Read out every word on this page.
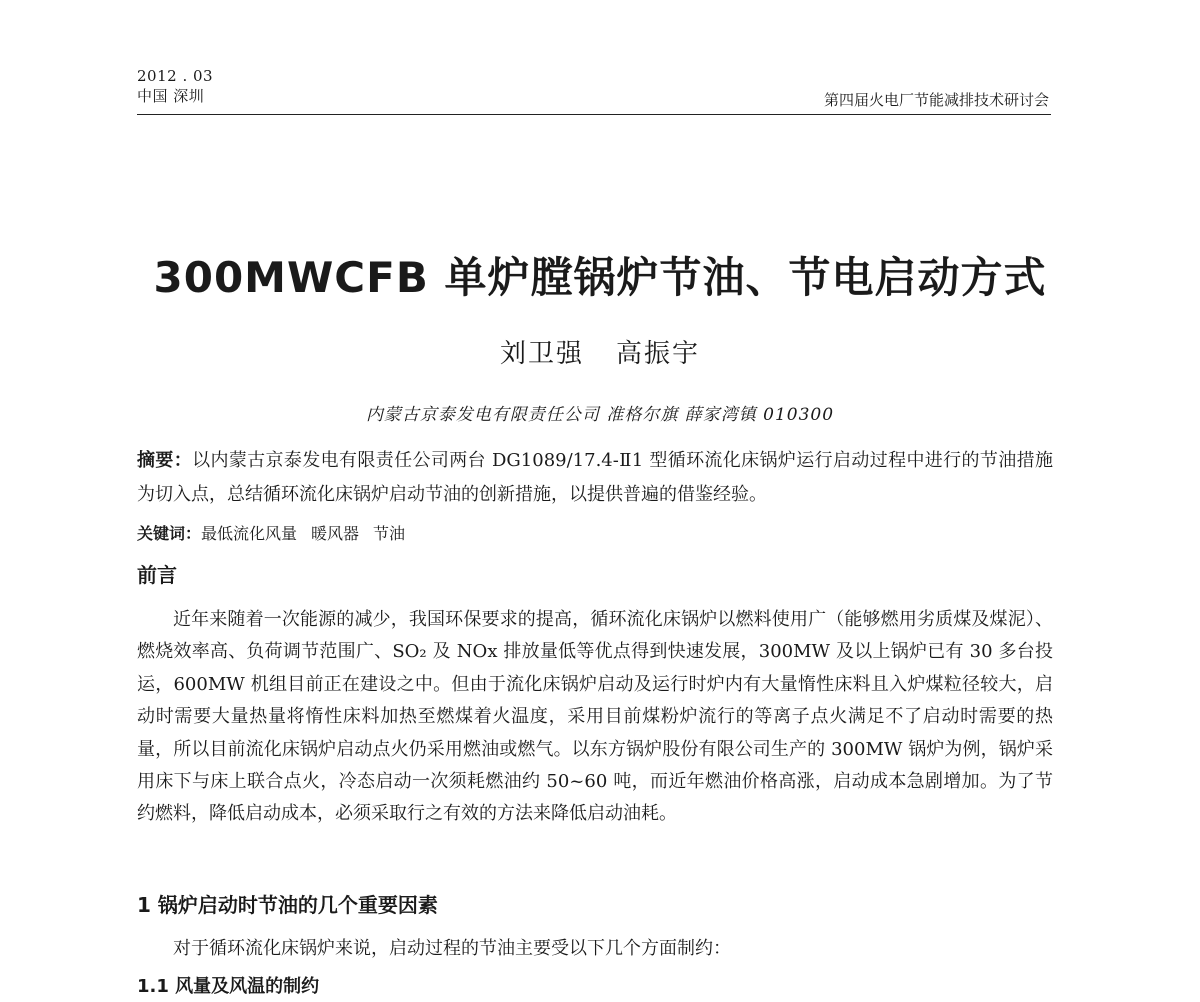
2012 . 03
中国 深圳	第四届火电厂节能减排技术研讨会
300MWCFB 单炉膛锅炉节油、节电启动方式
刘卫强 高振宇
内蒙古京泰发电有限责任公司 准格尔旗 薛家湾镇 010300
摘要：以内蒙古京泰发电有限责任公司两台 DG1089/17.4-Ⅱ1 型循环流化床锅炉运行启动过程中进行的节油措施为切入点，总结循环流化床锅炉启动节油的创新措施，以提供普遍的借鉴经验。
关键词：最低流化风量 暖风器 节油
前言
近年来随着一次能源的减少，我国环保要求的提高，循环流化床锅炉以燃料使用广（能够燃用劣质煤及煤泥）、燃烧效率高、负荷调节范围广、SO₂ 及 NOx 排放量低等优点得到快速发展，300MW 及以上锅炉已有 30 多台投运，600MW 机组目前正在建设之中。但由于流化床锅炉启动及运行时炉内有大量惰性床料且入炉煤粒径较大，启动时需要大量热量将惰性床料加热至燃煤着火温度，采用目前煤粉炉流行的等离子点火满足不了启动时需要的热量，所以目前流化床锅炉启动点火仍采用燃油或燃气。以东方锅炉股份有限公司生产的 300MW 锅炉为例，锅炉采用床下与床上联合点火，冷态启动一次须耗燃油约 50~60 吨，而近年燃油价格高涨，启动成本急剧增加。为了节约燃料，降低启动成本，必须采取行之有效的方法来降低启动油耗。
1 锅炉启动时节油的几个重要因素
对于循环流化床锅炉来说，启动过程的节油主要受以下几个方面制约：
1.1 风量及风温的制约
